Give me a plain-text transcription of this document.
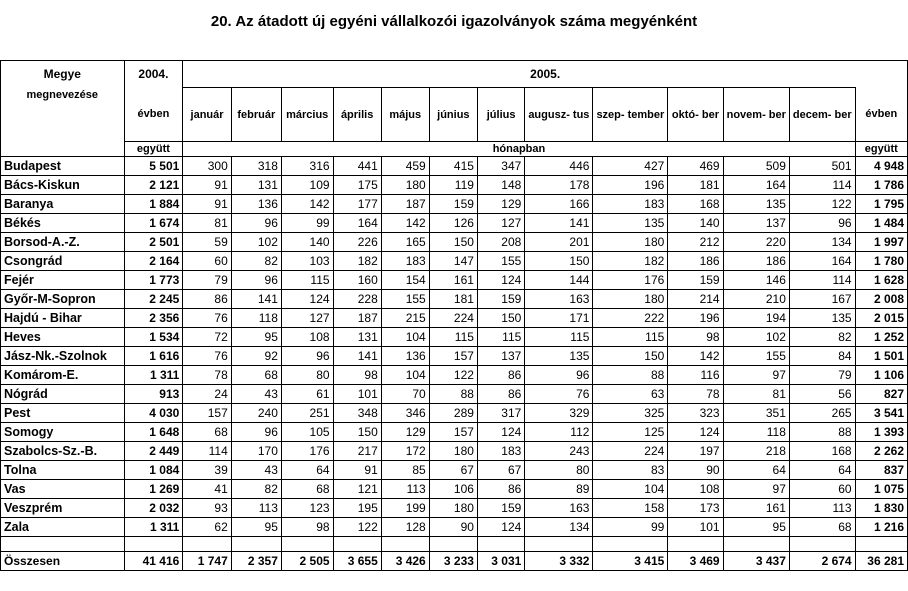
20. Az átadott új egyéni vállalkozói igazolványok száma megyénként
Megye	2004.	2005.												
megnevezése	évben	január	február	március	április	május	június	július	augusz- tus	szep- tember	októ- ber	novem- ber	decem- ber	évben
	együtt	hónapban												együtt
Budapest	5 501	300	318	316	441	459	415	347	446	427	469	509	501	4 948
Bács-Kiskun	2 121	91	131	109	175	180	119	148	178	196	181	164	114	1 786
Baranya	1 884	91	136	142	177	187	159	129	166	183	168	135	122	1 795
Békés	1 674	81	96	99	164	142	126	127	141	135	140	137	96	1 484
Borsod-A.-Z.	2 501	59	102	140	226	165	150	208	201	180	212	220	134	1 997
Csongrád	2 164	60	82	103	182	183	147	155	150	182	186	186	164	1 780
Fejér	1 773	79	96	115	160	154	161	124	144	176	159	146	114	1 628
Győr-M-Sopron	2 245	86	141	124	228	155	181	159	163	180	214	210	167	2 008
Hajdú - Bihar	2 356	76	118	127	187	215	224	150	171	222	196	194	135	2 015
Heves	1 534	72	95	108	131	104	115	115	115	115	98	102	82	1 252
Jász-Nk.-Szolnok	1 616	76	92	96	141	136	157	137	135	150	142	155	84	1 501
Komárom-E.	1 311	78	68	80	98	104	122	86	96	88	116	97	79	1 106
Nógrád	913	24	43	61	101	70	88	86	76	63	78	81	56	827
Pest	4 030	157	240	251	348	346	289	317	329	325	323	351	265	3 541
Somogy	1 648	68	96	105	150	129	157	124	112	125	124	118	88	1 393
Szabolcs-Sz.-B.	2 449	114	170	176	217	172	180	183	243	224	197	218	168	2 262
Tolna	1 084	39	43	64	91	85	67	67	80	83	90	64	64	837
Vas	1 269	41	82	68	121	113	106	86	89	104	108	97	60	1 075
Veszprém	2 032	93	113	123	195	199	180	159	163	158	173	161	113	1 830
Zala	1 311	62	95	98	122	128	90	124	134	99	101	95	68	1 216

Összesen	41 416	1 747	2 357	2 505	3 655	3 426	3 233	3 031	3 332	3 415	3 469	3 437	2 674	36 281
